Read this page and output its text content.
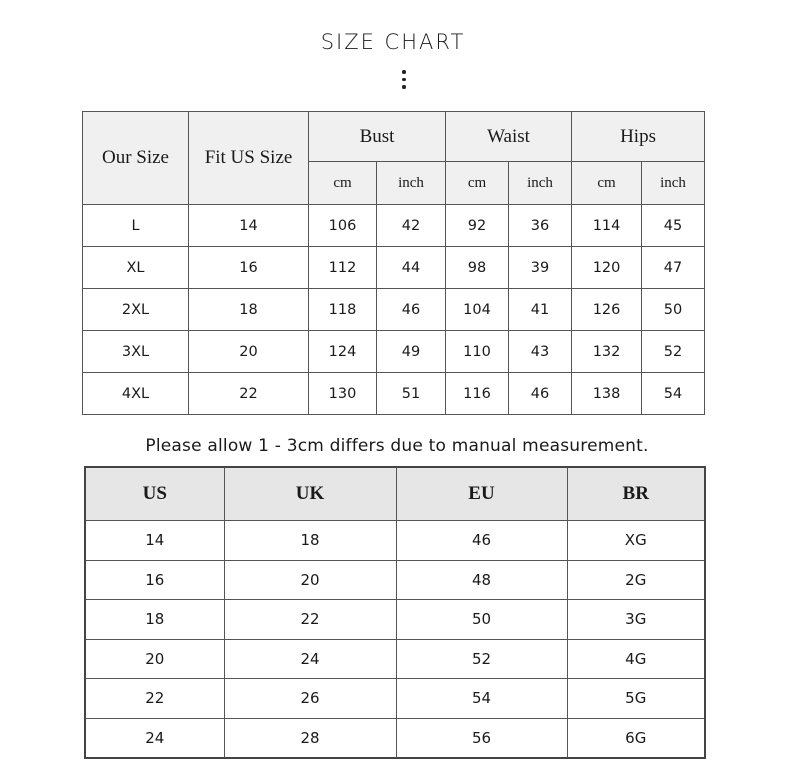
SIZE CHART
Our Size	Fit US Size	Bust		Waist		Hips	
		cm	inch	cm	inch	cm	inch
L	14	106	42	92	36	114	45
XL	16	112	44	98	39	120	47
2XL	18	118	46	104	41	126	50
3XL	20	124	49	110	43	132	52
4XL	22	130	51	116	46	138	54
Please allow 1 - 3cm differs due to manual measurement.
US	UK	EU	BR
14	18	46	XG
16	20	48	2G
18	22	50	3G
20	24	52	4G
22	26	54	5G
24	28	56	6G
